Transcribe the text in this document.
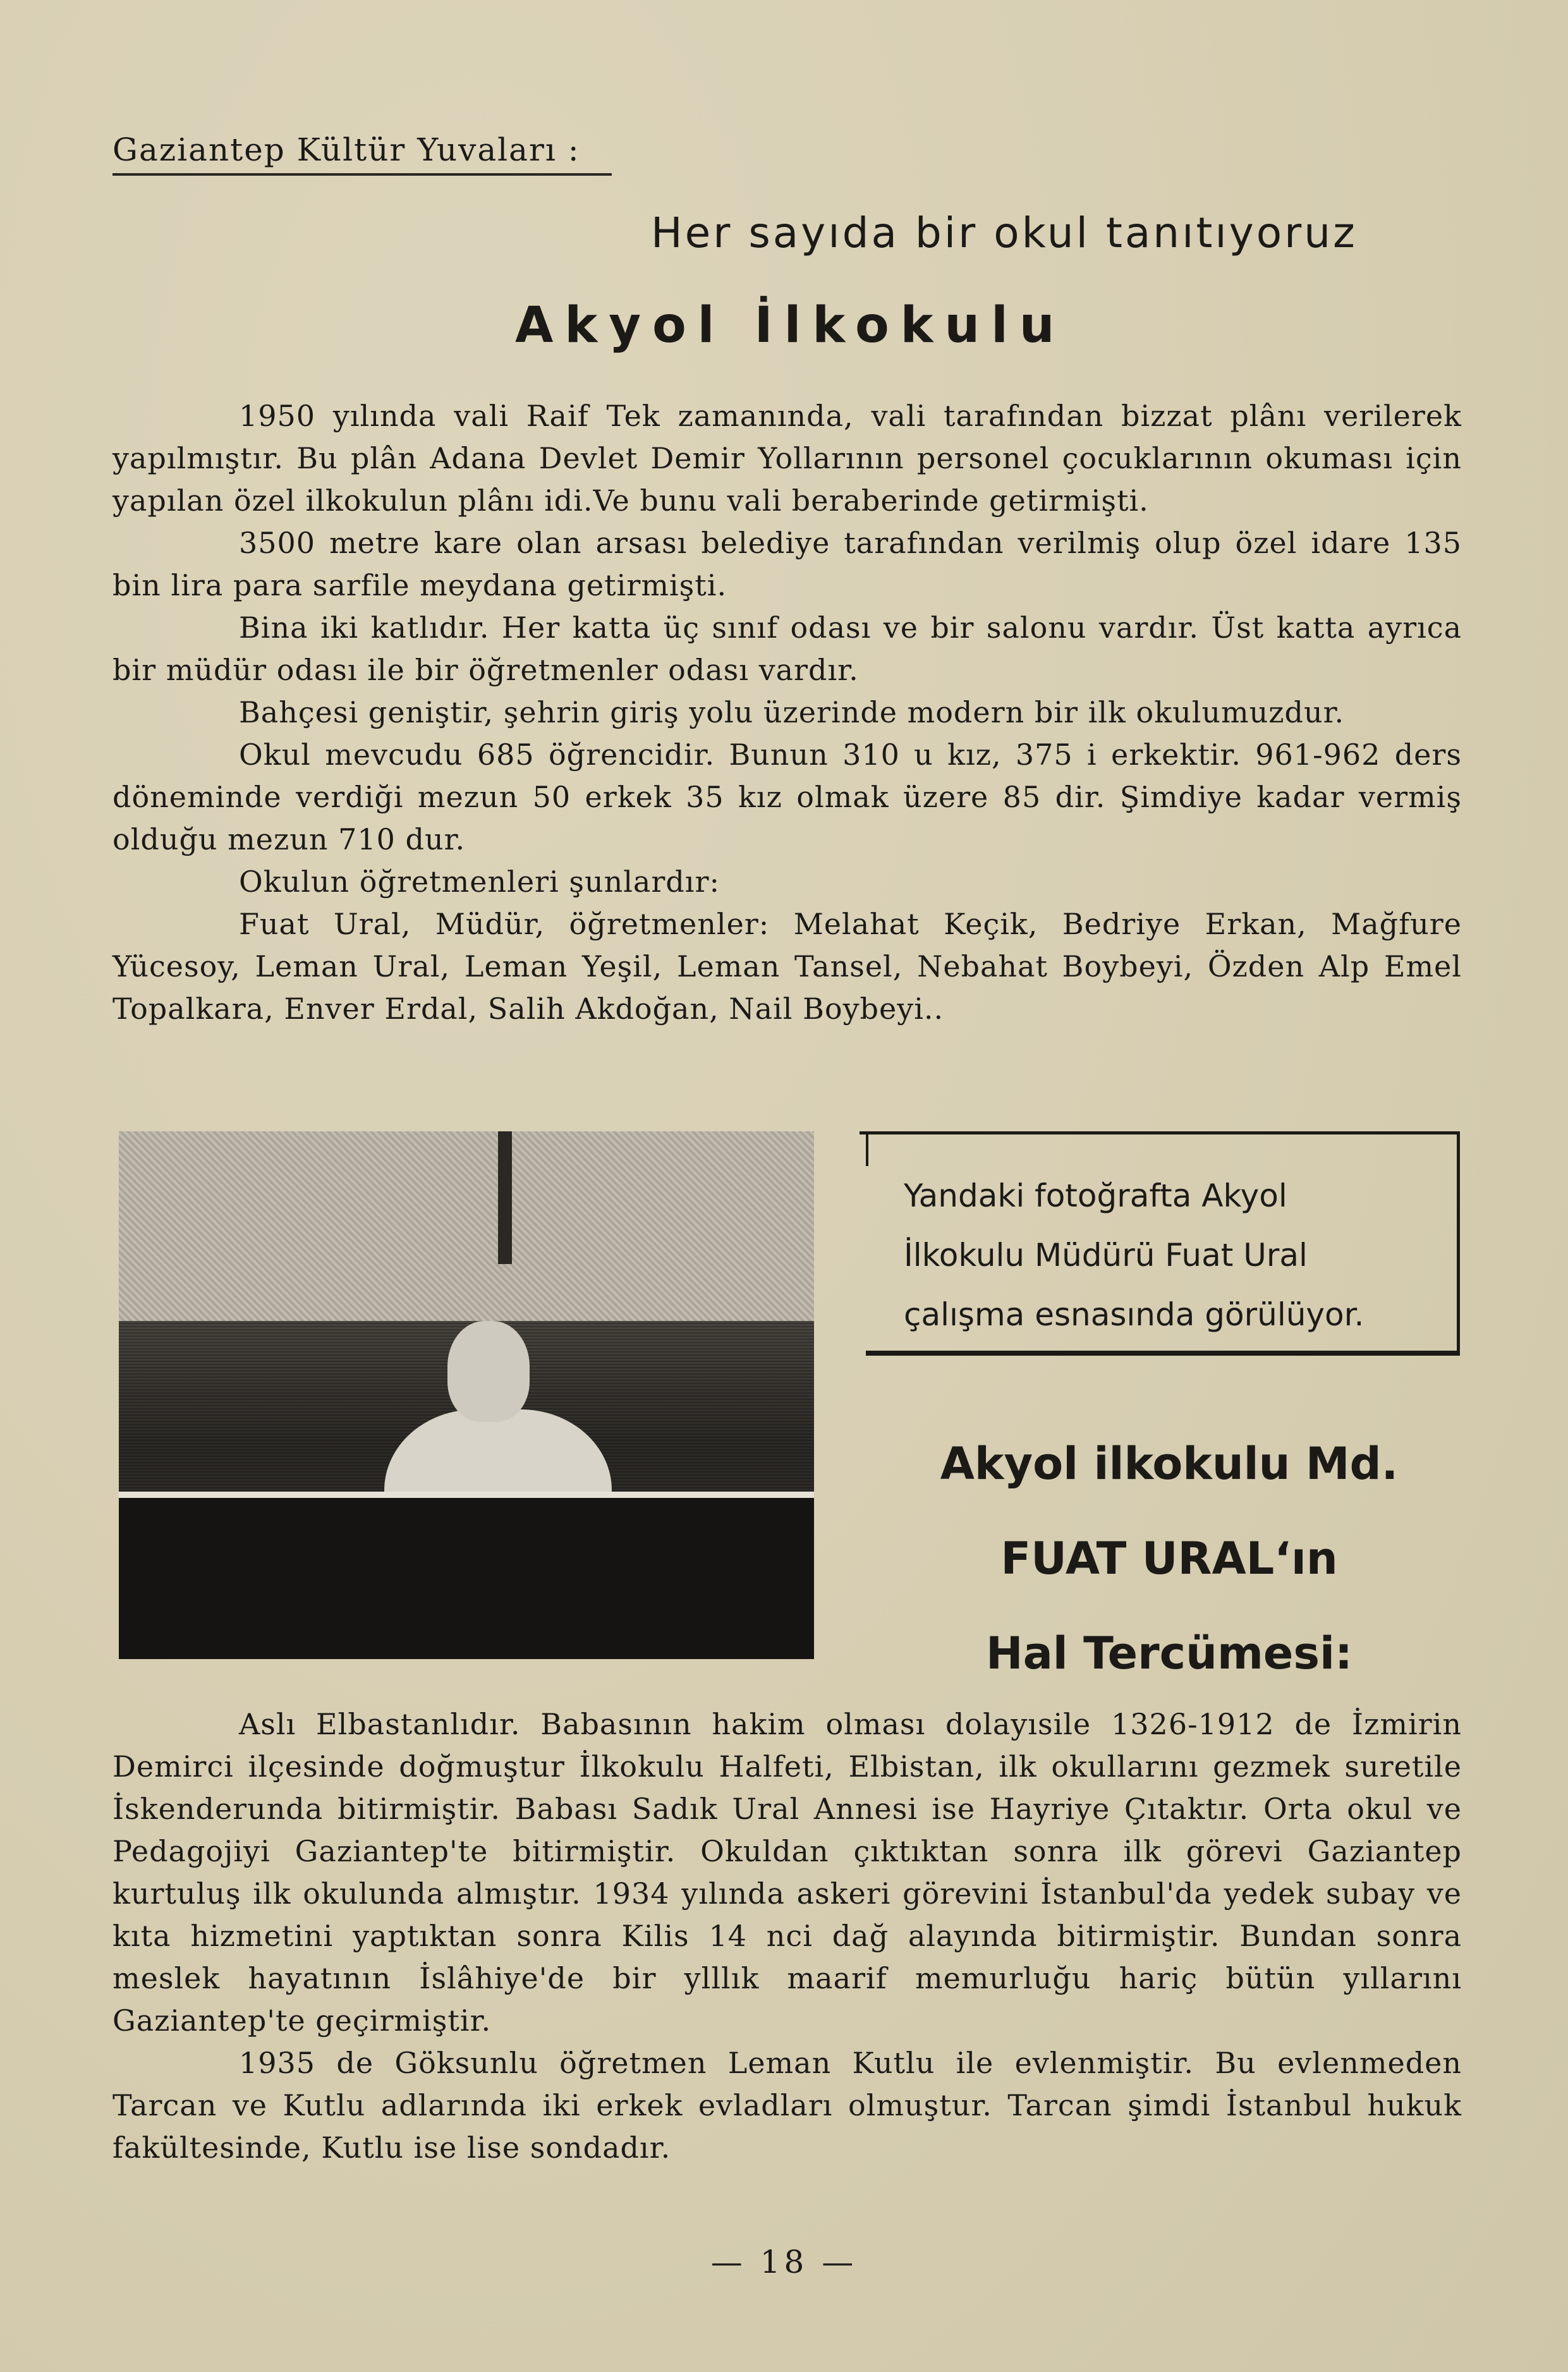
Gaziantep Kültür Yuvaları :
Her sayıda bir okul tanıtıyoruz
Akyol İlkokulu

1950 yılında vali Raif Tek zamanında, vali tarafından bizzat plânı verilerek yapılmıştır. Bu plân Adana Devlet Demir Yollarının personel çocuklarının okuması için yapılan özel ilkokulun plânı idi.Ve bunu vali beraberinde getirmişti.

3500 metre kare olan arsası belediye tarafından verilmiş olup özel idare 135 bin lira para sarfile meydana getirmişti.

Bina iki katlıdır. Her katta üç sınıf odası ve bir salonu vardır. Üst katta ayrıca bir müdür odası ile bir öğretmenler odası vardır.

Bahçesi geniştir, şehrin giriş yolu üzerinde modern bir ilk okulumuzdur.

Okul mevcudu 685 öğrencidir. Bunun 310 u kız, 375 i erkektir. 961-962 ders döneminde verdiği mezun 50 erkek 35 kız olmak üzere 85 dir. Şimdiye kadar vermiş olduğu mezun 710 dur.

Okulun öğretmenleri şunlardır:

Fuat Ural, Müdür, öğretmenler: Melahat Keçik, Bedriye Erkan, Mağfure Yücesoy, Leman Ural, Leman Yeşil, Leman Tansel, Nebahat Boybeyi, Özden Alp Emel Topalkara, Enver Erdal, Salih Akdoğan, Nail Boybeyi..

Yandaki fotoğrafta Akyol
İlkokulu Müdürü Fuat Ural
çalışma esnasında görülüyor.
Akyol ilkokulu Md.
FUAT URAL‘ın
Hal Tercümesi:

Aslı Elbastanlıdır. Babasının hakim olması dolayısile 1326-1912 de İzmirin Demirci ilçesinde doğmuştur İlkokulu Halfeti, Elbistan, ilk okullarını gezmek suretile İskenderunda bitirmiştir. Babası Sadık Ural Annesi ise Hayriye Çıtaktır. Orta okul ve Pedagojiyi Gaziantep'te bitirmiştir. Okuldan çıktıktan sonra ilk görevi Gaziantep kurtuluş ilk okulunda almıştır. 1934 yılında askeri görevini İstanbul'da yedek subay ve kıta hizmetini yaptıktan sonra Kilis 14 nci dağ alayında bitirmiştir. Bundan sonra meslek hayatının İslâhiye'de bir ylllık maarif memurluğu hariç bütün yıllarını Gaziantep'te geçirmiştir.

1935 de Göksunlu öğretmen Leman Kutlu ile evlenmiştir. Bu evlenmeden Tarcan ve Kutlu adlarında iki erkek evladları olmuştur. Tarcan şimdi İstanbul hukuk fakültesinde, Kutlu ise lise sondadır.

— 18 —
